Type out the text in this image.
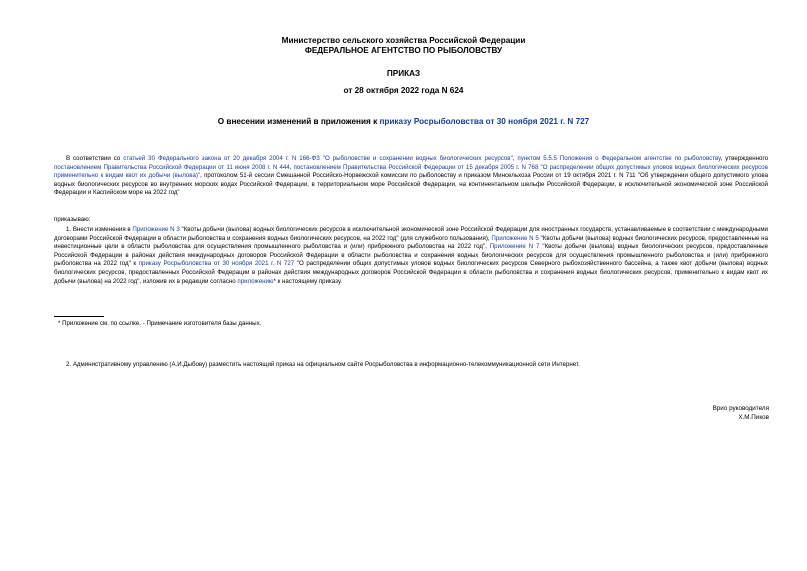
Министерство сельского хозяйства Российской Федерации
ФЕДЕРАЛЬНОЕ АГЕНТСТВО ПО РЫБОЛОВСТВУ
ПРИКАЗ
от 28 октября 2022 года N 624
О внесении изменений в приложения к приказу Росрыболовства от 30 ноября 2021 г. N 727

В соответствии со статьей 30 Федерального закона от 20 декабря 2004 г. N 166-ФЗ "О рыболовстве и сохранении водных биологических ресурсов", пунктом 5.5.5 Положения о Федеральном агентстве по рыболовству, утвержденного постановлением Правительства Российской Федерации от 11 июня 2008 г. N 444, постановлением Правительства Российской Федерации от 15 декабря 2005 г. N 768 "О распределении общих допустимых уловов водных биологических ресурсов применительно к видам квот их добычи (вылова)", протоколом 51-й сессии Смешанной Российско-Норвежской комиссии по рыболовству и приказом Минсельхоза России от 19 октября 2021 г. N 711 "Об утверждении общего допустимого улова водных биологических ресурсов во внутренних морских водах Российской Федерации, в территориальном море Российской Федерации, на континентальном шельфе Российской Федерации, в исключительной экономической зоне Российской Федерации и Каспийском море на 2022 год"

приказываю:

1. Внести изменения в Приложение N 3 "Квоты добычи (вылова) водных биологических ресурсов в исключительной экономической зоне Российской Федерации для иностранных государств, устанавливаемые в соответствии с международными договорами Российской Федерации в области рыболовства и сохранения водных биологических ресурсов, на 2022 год" (для служебного пользования), Приложение N 5 "Квоты добычи (вылова) водных биологических ресурсов, предоставленные на инвестиционные цели в области рыболовства для осуществления промышленного рыболовства и (или) прибрежного рыболовства на 2022 год", Приложение N 7 "Квоты добычи (вылова) водных биологических ресурсов, предоставленные Российской Федерации в районах действия международных договоров Российской Федерации в области рыболовства и сохранения водных биологических ресурсов для осуществления промышленного рыболовства и (или) прибрежного рыболовства на 2022 год" к приказу Росрыболовства от 30 ноября 2021 г. N 727 "О распределении общих допустимых уловов водных биологических ресурсов Северного рыбохозяйственного бассейна, а также квот добычи (вылова) водных биологических ресурсов, предоставленных Российской Федерации в районах действия международных договоров Российской Федерации в области рыболовства и сохранения водных биологических ресурсов, применительно к видам квот их добычи (вылова) на 2022 год", изложив их в редакции согласно приложению* к настоящему приказу.

* Приложение см. по ссылке. - Примечание изготовителя базы данных.
2. Административному управлению (А.И.Дыбову) разместить настоящий приказ на официальном сайте Росрыболовства в информационно-телекоммуникационной сети Интернет.
Врио руководителя
Х.М.Пиков
